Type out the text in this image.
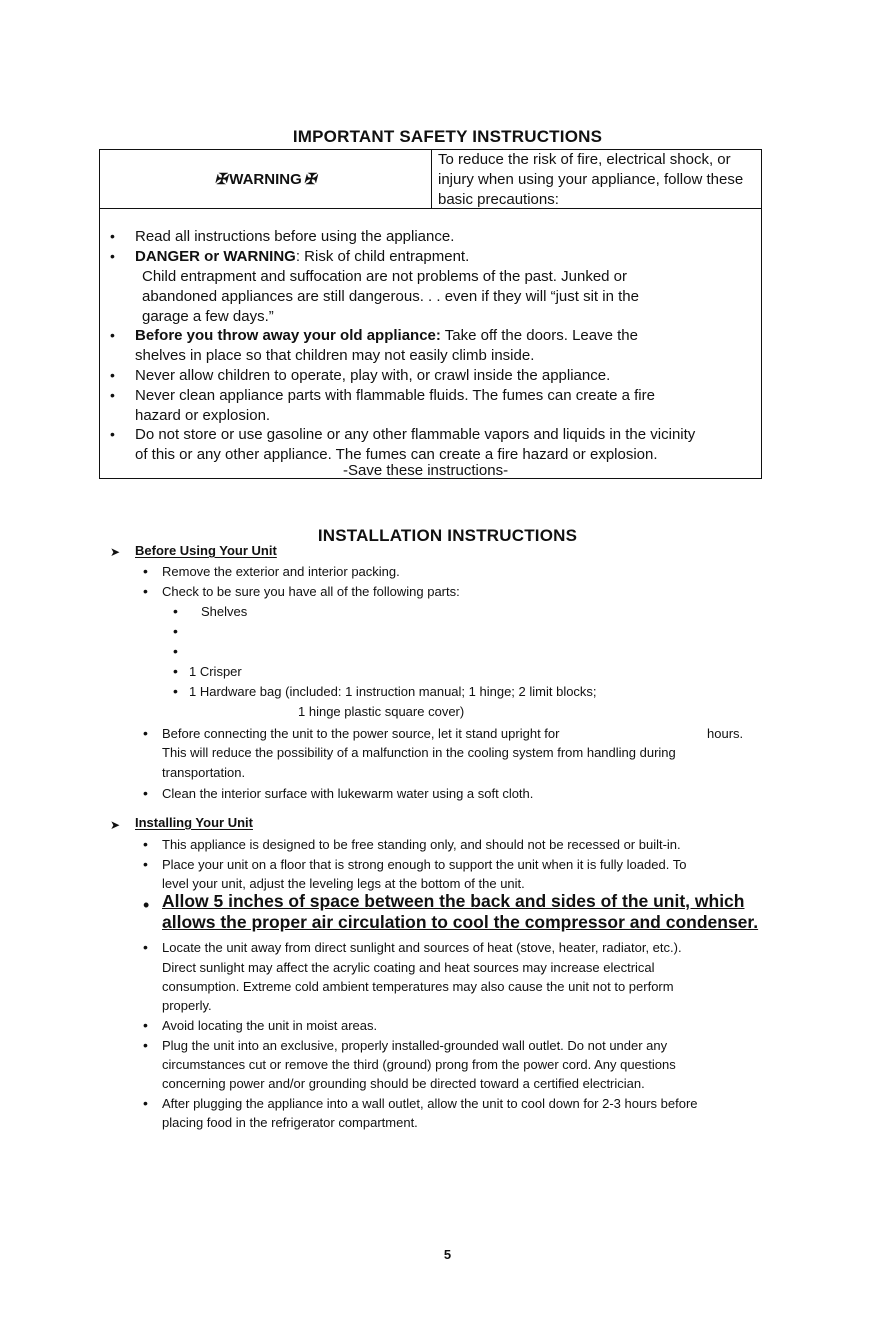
IMPORTANT SAFETY INSTRUCTIONS
✠ WARNING ✠
To reduce the risk of fire, electrical shock, or injury when using your appliance, follow these basic precautions:
• Read all instructions before using the appliance.
• DANGER or WARNING: Risk of child entrapment.
Child entrapment and suffocation are not problems of the past. Junked or
abandoned appliances are still dangerous. . . even if they will “just sit in the
garage a few days.”
• Before you throw away your old appliance: Take off the doors. Leave the
shelves in place so that children may not easily climb inside.
• Never allow children to operate, play with, or crawl inside the appliance.
• Never clean appliance parts with flammable fluids. The fumes can create a fire
hazard or explosion.
• Do not store or use gasoline or any other flammable vapors and liquids in the vicinity
of this or any other appliance. The fumes can create a fire hazard or explosion.
-Save these instructions-
INSTALLATION INSTRUCTIONS
➤ Before Using Your Unit
• Remove the exterior and interior packing.
• Check to be sure you have all of the following parts:
• Shelves
•
•
• 1 Crisper
• 1 Hardware bag (included: 1 instruction manual; 1 hinge; 2 limit blocks;
1 hinge plastic square cover)
• Before connecting the unit to the power source, let it stand upright for	hours.
This will reduce the possibility of a malfunction in the cooling system from handling during
transportation.
• Clean the interior surface with lukewarm water using a soft cloth.
➤ Installing Your Unit
• This appliance is designed to be free standing only, and should not be recessed or built-in.
• Place your unit on a floor that is strong enough to support the unit when it is fully loaded. To
level your unit, adjust the leveling legs at the bottom of the unit.
• Allow 5 inches of space between the back and sides of the unit, which
allows the proper air circulation to cool the compressor and condenser.
• Locate the unit away from direct sunlight and sources of heat (stove, heater, radiator, etc.).
Direct sunlight may affect the acrylic coating and heat sources may increase electrical
consumption. Extreme cold ambient temperatures may also cause the unit not to perform
properly.
• Avoid locating the unit in moist areas.
• Plug the unit into an exclusive, properly installed-grounded wall outlet. Do not under any
circumstances cut or remove the third (ground) prong from the power cord. Any questions
concerning power and/or grounding should be directed toward a certified electrician.
• After plugging the appliance into a wall outlet, allow the unit to cool down for 2-3 hours before
placing food in the refrigerator compartment.
5
